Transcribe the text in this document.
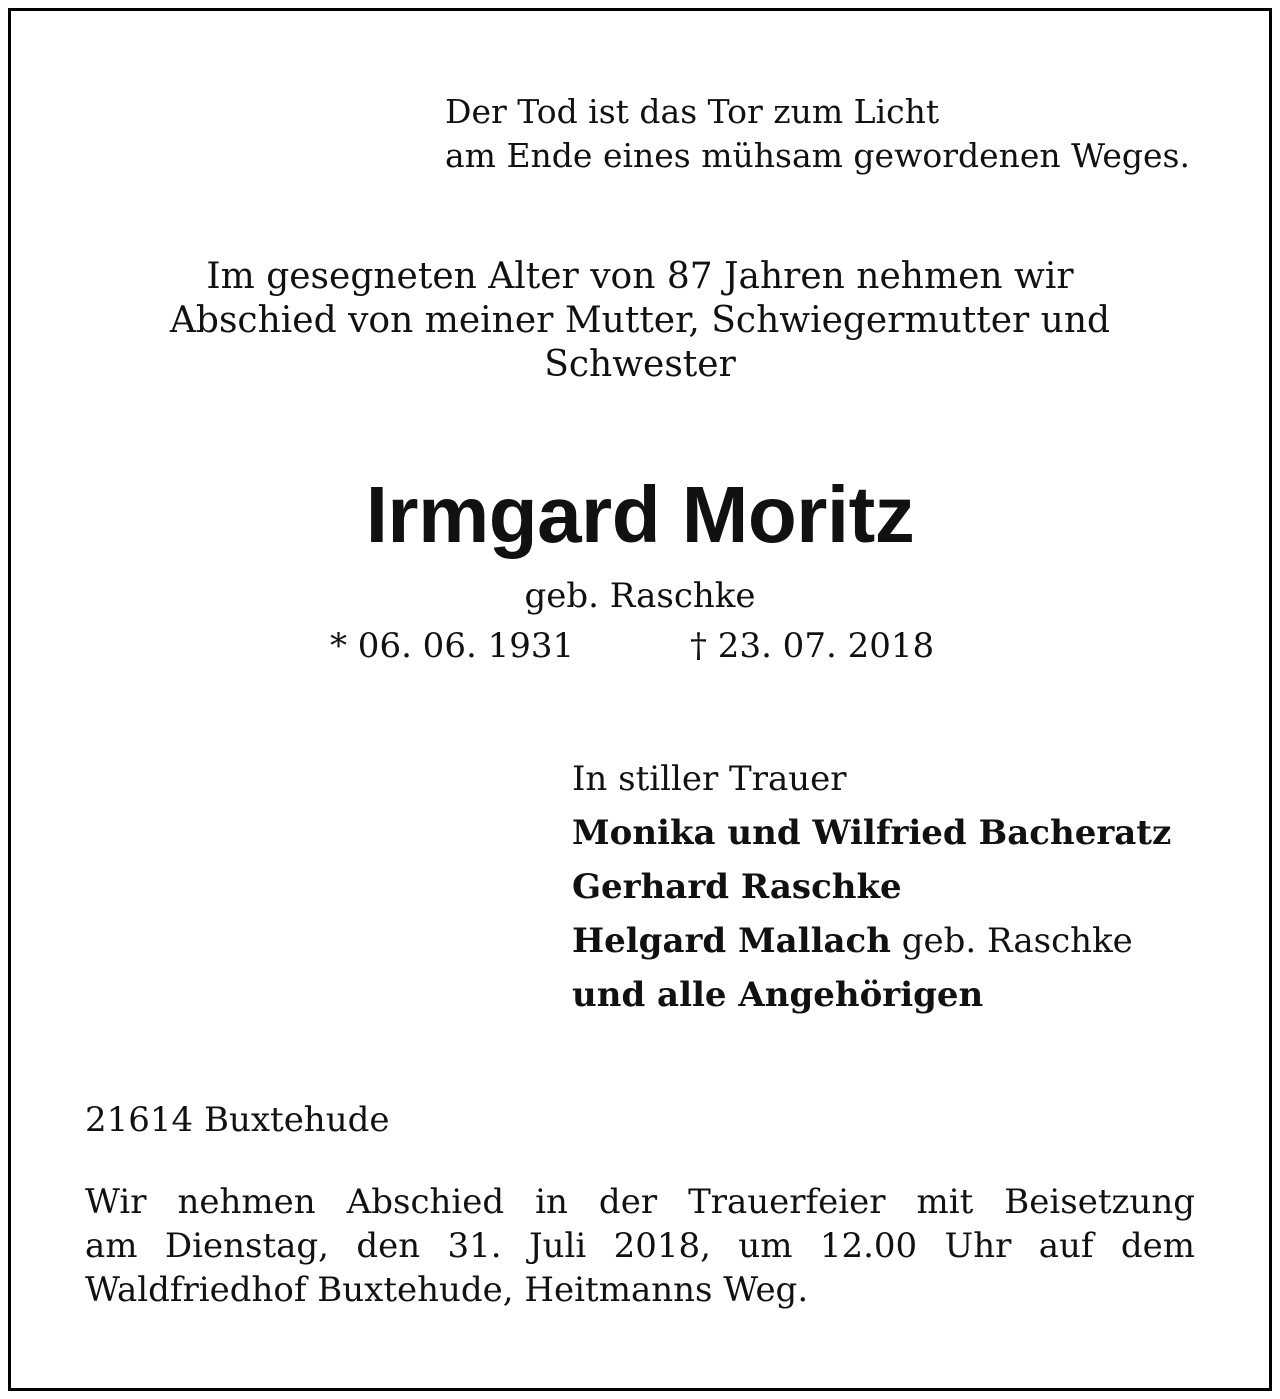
Der Tod ist das Tor zum Licht
am Ende eines mühsam gewordenen Weges.
Im gesegneten Alter von 87 Jahren nehmen wir
Abschied von meiner Mutter, Schwiegermutter und
Schwester
Irmgard Moritz
geb. Raschke
* 06. 06. 1931	† 23. 07. 2018
In stiller Trauer
Monika und Wilfried Bacheratz
Gerhard Raschke
Helgard Mallach geb. Raschke
und alle Angehörigen
21614 Buxtehude
Wir nehmen Abschied in der Trauerfeier mit Beisetzung
am Dienstag, den 31. Juli 2018, um 12.00 Uhr auf dem
Waldfriedhof Buxtehude, Heitmanns Weg.
